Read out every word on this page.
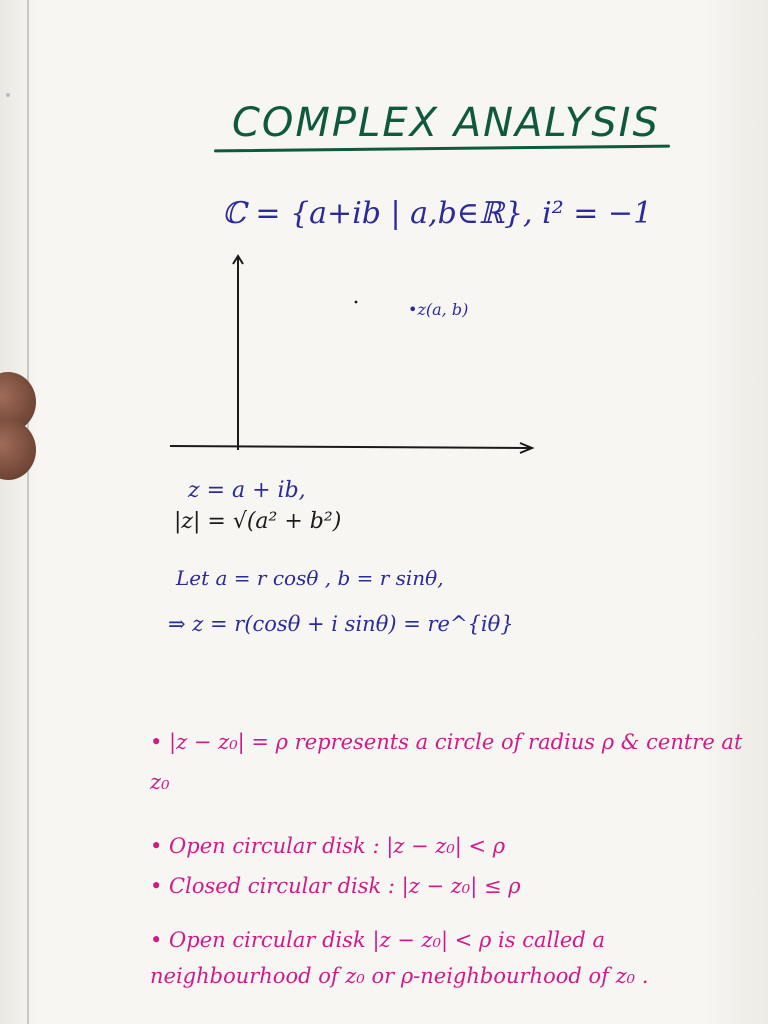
COMPLEX ANALYSIS
ℂ = {a+ib | a,b∈ℝ}, i² = −1
•z(a, b)
z = a + ib,
|z| = √(a² + b²)
Let a = r cosθ , b = r sinθ,
⇒ z = r(cosθ + i sinθ) = re^{iθ}
• |z − z₀| = ρ represents a circle of radius ρ & centre at z₀
• Open circular disk : |z − z₀| < ρ
• Closed circular disk : |z − z₀| ≤ ρ
• Open circular disk |z − z₀| < ρ is called a neighbourhood of z₀ or ρ-neighbourhood of z₀ .
